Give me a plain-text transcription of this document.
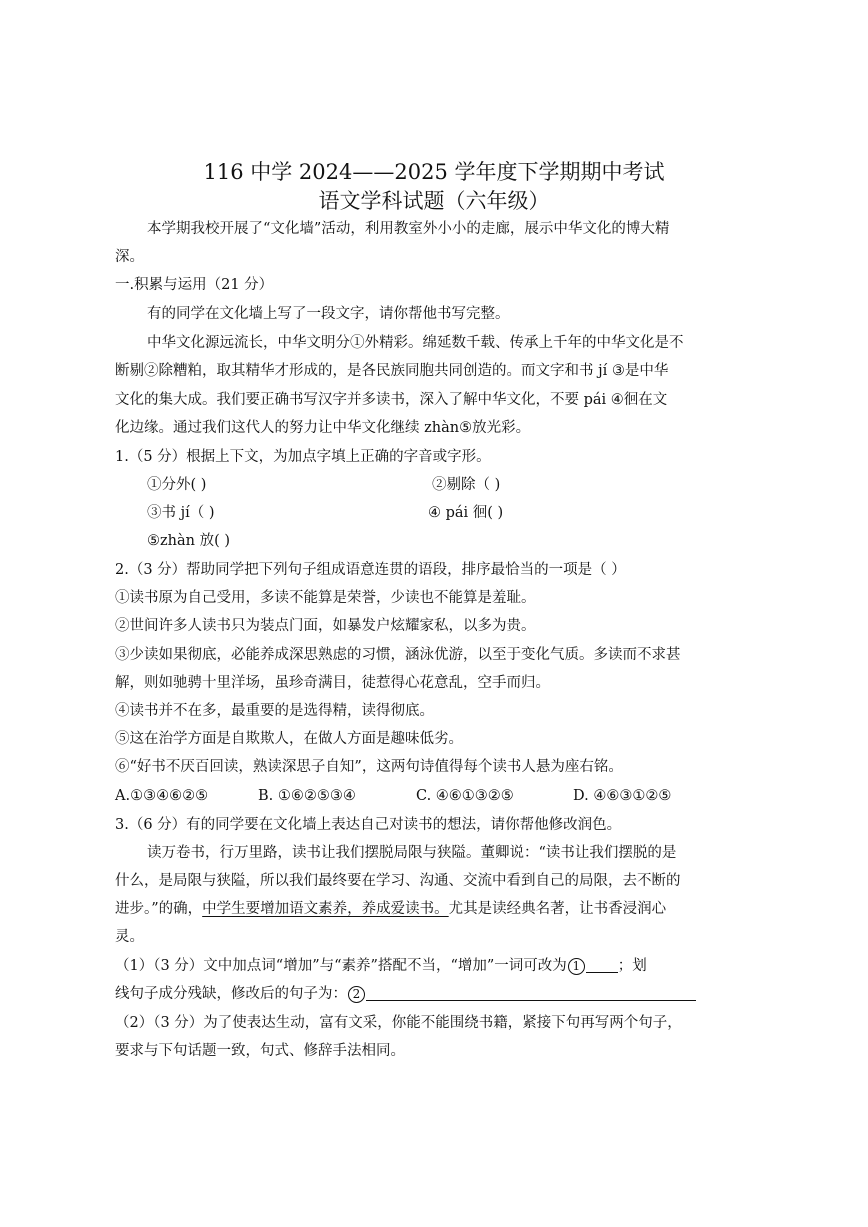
116 中学 2024——2025 学年度下学期期中考试
语文学科试题（六年级）
本学期我校开展了“文化墙”活动，利用教室外小小的走廊，展示中华文化的博大精
深。
一.积累与运用（21 分）
有的同学在文化墙上写了一段文字，请你帮他书写完整。
中华文化源远流长，中华文明分①外精彩。绵延数千载、传承上千年的中华文化是不
断剔②除糟粕，取其精华才形成的，是各民族同胞共同创造的。而文字和书 jí ③是中华
文化的集大成。我们要正确书写汉字并多读书，深入了解中华文化，不要 pái ④徊在文
化边缘。通过我们这代人的努力让中华文化继续 zhàn⑤放光彩。
1.（5 分）根据上下文，为加点字填上正确的字音或字形。
①分外( )	②剔除（ )
③书 jí（ )	④ pái 徊( )
⑤zhàn 放( )
2.（3 分）帮助同学把下列句子组成语意连贯的语段，排序最恰当的一项是（ ）
①读书原为自己受用，多读不能算是荣誉，少读也不能算是羞耻。
②世间许多人读书只为装点门面，如暴发户炫耀家私，以多为贵。
③少读如果彻底，必能养成深思熟虑的习惯，涵泳优游，以至于变化气质。多读而不求甚
解，则如驰骋十里洋场，虽珍奇满目，徒惹得心花意乱，空手而归。
④读书并不在多，最重要的是选得精，读得彻底。
⑤这在治学方面是自欺欺人，在做人方面是趣味低劣。
⑥“好书不厌百回读，熟读深思子自知”，这两句诗值得每个读书人悬为座右铭。
A.①③④⑥②⑤	B. ①⑥②⑤③④	C. ④⑥①③②⑤	D. ④⑥③①②⑤
3.（6 分）有的同学要在文化墙上表达自己对读书的想法，请你帮他修改润色。
读万卷书，行万里路，读书让我们摆脱局限与狭隘。董卿说：“读书让我们摆脱的是
什么，是局限与狭隘，所以我们最终要在学习、沟通、交流中看到自己的局限，去不断的
进步。”的确，中学生要增加语文素养，养成爱读书。尤其是读经典名著，让书香浸润心
灵。
（1）（3 分）文中加点词“增加”与“素养”搭配不当，“增加”一词可改为 1	；划
线句子成分残缺，修改后的句子为： 2
（2）（3 分）为了使表达生动，富有文采，你能不能围绕书籍，紧接下句再写两个句子，
要求与下句话题一致，句式、修辞手法相同。
